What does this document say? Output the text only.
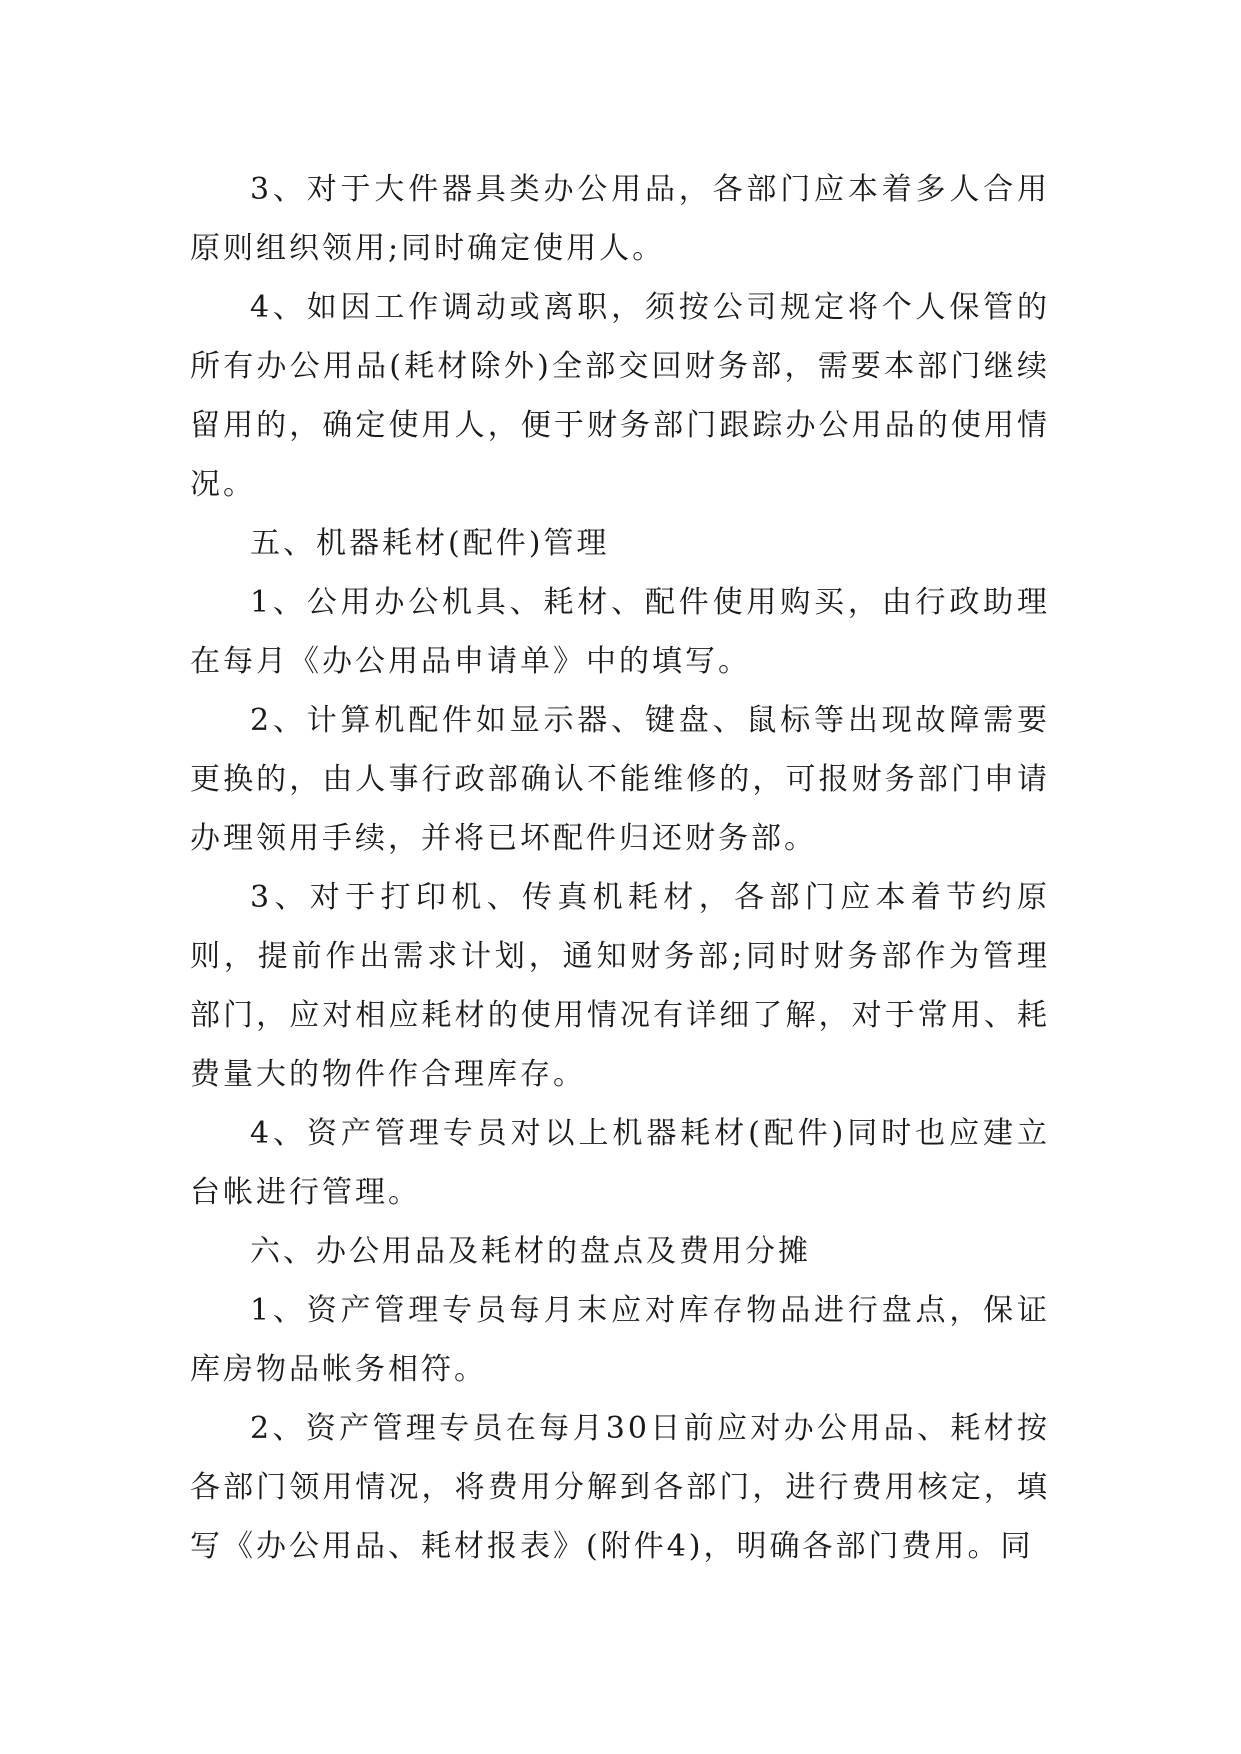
3、对于大件器具类办公用品，各部门应本着多人合用原则组织领用;同时确定使用人。

4、如因工作调动或离职，须按公司规定将个人保管的所有办公用品(耗材除外)全部交回财务部，需要本部门继续留用的，确定使用人，便于财务部门跟踪办公用品的使用情况。

五、机器耗材(配件)管理

1、公用办公机具、耗材、配件使用购买，由行政助理在每月《办公用品申请单》中的填写。

2、计算机配件如显示器、键盘、鼠标等出现故障需要更换的，由人事行政部确认不能维修的，可报财务部门申请办理领用手续，并将已坏配件归还财务部。

3、对于打印机、传真机耗材，各部门应本着节约原则，提前作出需求计划，通知财务部;同时财务部作为管理部门，应对相应耗材的使用情况有详细了解，对于常用、耗费量大的物件作合理库存。

4、资产管理专员对以上机器耗材(配件)同时也应建立台帐进行管理。

六、办公用品及耗材的盘点及费用分摊

1、资产管理专员每月末应对库存物品进行盘点，保证库房物品帐务相符。

2、资产管理专员在每月30日前应对办公用品、耗材按各部门领用情况，将费用分解到各部门，进行费用核定，填写《办公用品、耗材报表》(附件4)，明确各部门费用。同
